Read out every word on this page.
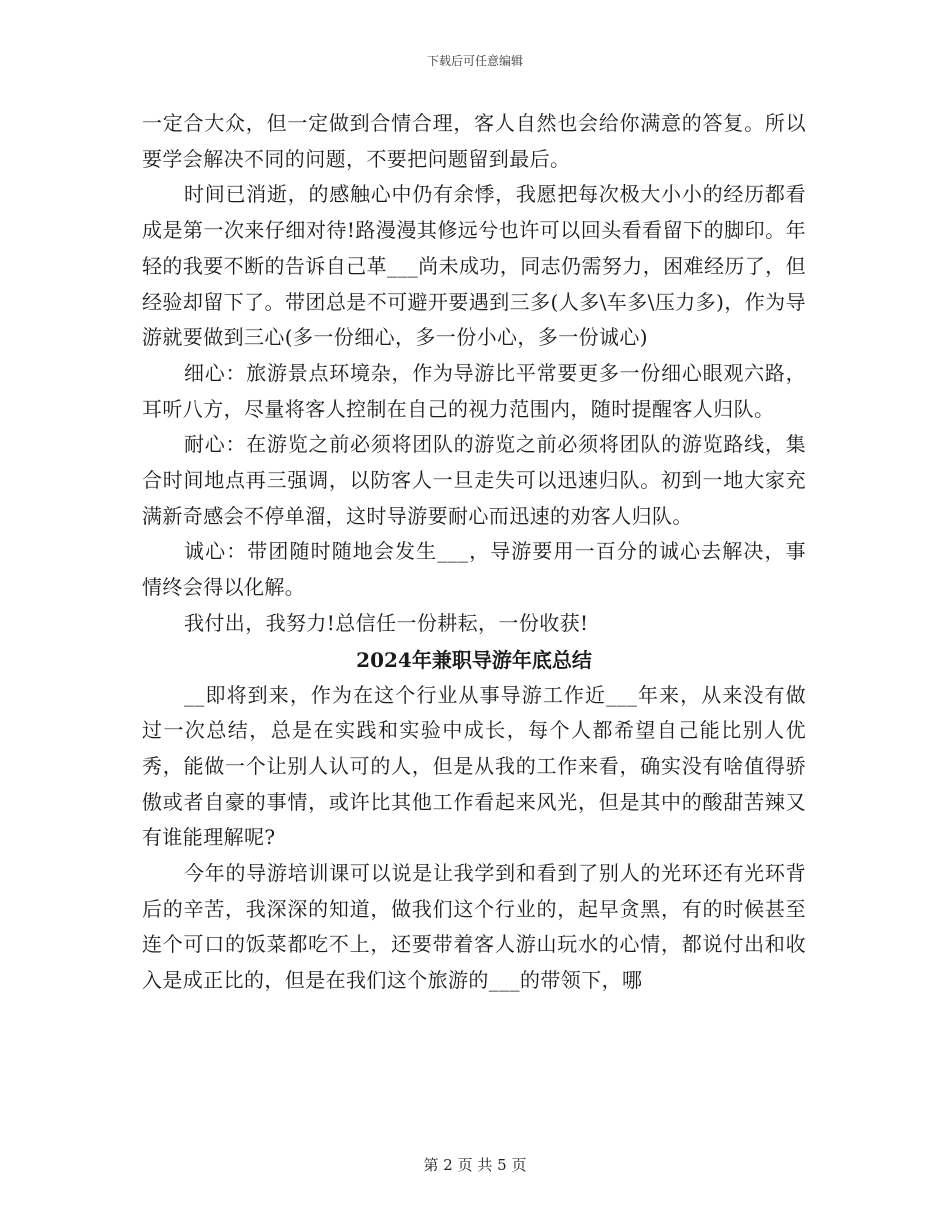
下载后可任意编辑

一定合大众，但一定做到合情合理，客人自然也会给你满意的答复。所以要学会解决不同的问题，不要把问题留到最后。

时间已消逝，的感触心中仍有余悸，我愿把每次极大小小的经历都看成是第一次来仔细对待!路漫漫其修远兮也许可以回头看看留下的脚印。年轻的我要不断的告诉自己革___尚未成功，同志仍需努力，困难经历了，但经验却留下了。带团总是不可避开要遇到三多(人多\车多\压力多)，作为导游就要做到三心(多一份细心，多一份小心，多一份诚心)

细心：旅游景点环境杂，作为导游比平常要更多一份细心眼观六路，耳听八方，尽量将客人控制在自己的视力范围内，随时提醒客人归队。

耐心：在游览之前必须将团队的游览之前必须将团队的游览路线，集合时间地点再三强调，以防客人一旦走失可以迅速归队。初到一地大家充满新奇感会不停单溜，这时导游要耐心而迅速的劝客人归队。

诚心：带团随时随地会发生___，导游要用一百分的诚心去解决，事情终会得以化解。

我付出，我努力!总信任一份耕耘，一份收获!

2024年兼职导游年底总结

__即将到来，作为在这个行业从事导游工作近___年来，从来没有做过一次总结，总是在实践和实验中成长，每个人都希望自己能比别人优秀，能做一个让别人认可的人，但是从我的工作来看，确实没有啥值得骄傲或者自豪的事情，或许比其他工作看起来风光，但是其中的酸甜苦辣又有谁能理解呢?

今年的导游培训课可以说是让我学到和看到了别人的光环还有光环背后的辛苦，我深深的知道，做我们这个行业的，起早贪黑，有的时候甚至连个可口的饭菜都吃不上，还要带着客人游山玩水的心情，都说付出和收入是成正比的，但是在我们这个旅游的___的带领下，哪

第 2 页 共 5 页
